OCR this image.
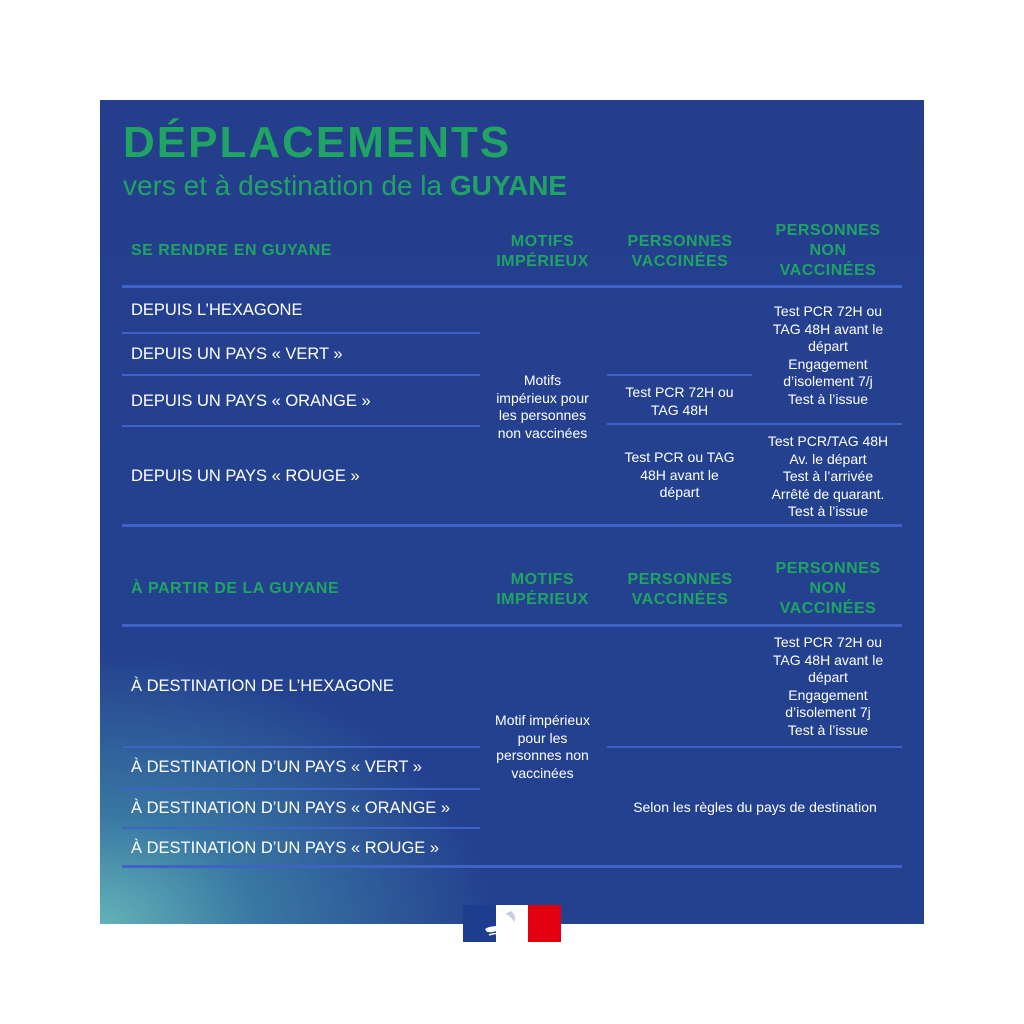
DÉPLACEMENTS
vers et à destination de la GUYANE
SE RENDRE EN GUYANE
MOTIFS
IMPÉRIEUX
PERSONNES
VACCINÉES
PERSONNES
NON
VACCINÉES
DEPUIS L’HEXAGONE
DEPUIS UN PAYS « VERT »
DEPUIS UN PAYS « ORANGE »
DEPUIS UN PAYS « ROUGE »
Motifs
impérieux pour
les personnes
non vaccinées
Test PCR 72H ou
TAG 48H
Test PCR ou TAG
48H avant le
départ
Test PCR 72H ou
TAG 48H avant le
départ
Engagement
d’isolement 7/j
Test à l’issue
Test PCR/TAG 48H
Av. le départ
Test à l’arrivée
Arrêté de quarant.
Test à l’issue
À PARTIR DE LA GUYANE
MOTIFS
IMPÉRIEUX
PERSONNES
VACCINÉES
PERSONNES
NON
VACCINÉES
À DESTINATION DE L’HEXAGONE
À DESTINATION D’UN PAYS « VERT »
À DESTINATION D’UN PAYS « ORANGE »
À DESTINATION D’UN PAYS « ROUGE »
Motif impérieux
pour les
personnes non
vaccinées
Test PCR 72H ou
TAG 48H avant le
départ
Engagement
d’isolement 7j
Test à l’issue
Selon les règles du pays de destination
